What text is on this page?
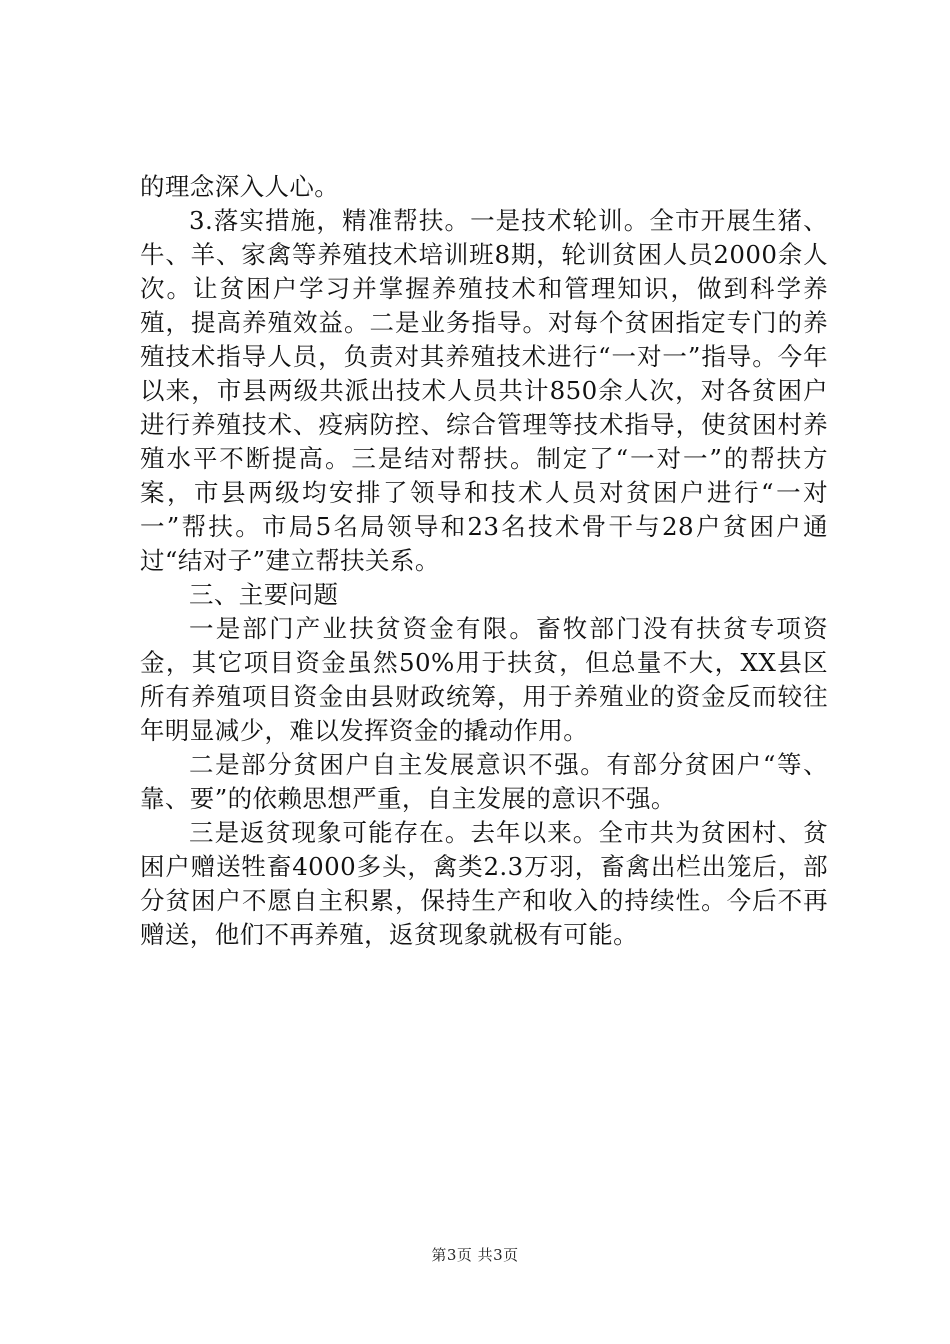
的理念深入人心。

3.落实措施，精准帮扶。一是技术轮训。全市开展生猪、牛、羊、家禽等养殖技术培训班8期，轮训贫困人员2000余人次。让贫困户学习并掌握养殖技术和管理知识，做到科学养殖，提高养殖效益。二是业务指导。对每个贫困指定专门的养殖技术指导人员，负责对其养殖技术进行“一对一”指导。今年以来，市县两级共派出技术人员共计850余人次，对各贫困户进行养殖技术、疫病防控、综合管理等技术指导，使贫困村养殖水平不断提高。三是结对帮扶。制定了“一对一”的帮扶方案，市县两级均安排了领导和技术人员对贫困户进行“一对一”帮扶。市局5名局领导和23名技术骨干与28户贫困户通过“结对子”建立帮扶关系。

三、主要问题

一是部门产业扶贫资金有限。畜牧部门没有扶贫专项资金，其它项目资金虽然50%用于扶贫，但总量不大，XX县区所有养殖项目资金由县财政统筹，用于养殖业的资金反而较往年明显减少，难以发挥资金的撬动作用。

二是部分贫困户自主发展意识不强。有部分贫困户“等、靠、要”的依赖思想严重，自主发展的意识不强。

三是返贫现象可能存在。去年以来。全市共为贫困村、贫困户赠送牲畜4000多头，禽类2.3万羽，畜禽出栏出笼后，部分贫困户不愿自主积累，保持生产和收入的持续性。今后不再赠送，他们不再养殖，返贫现象就极有可能。

第3页 共3页
